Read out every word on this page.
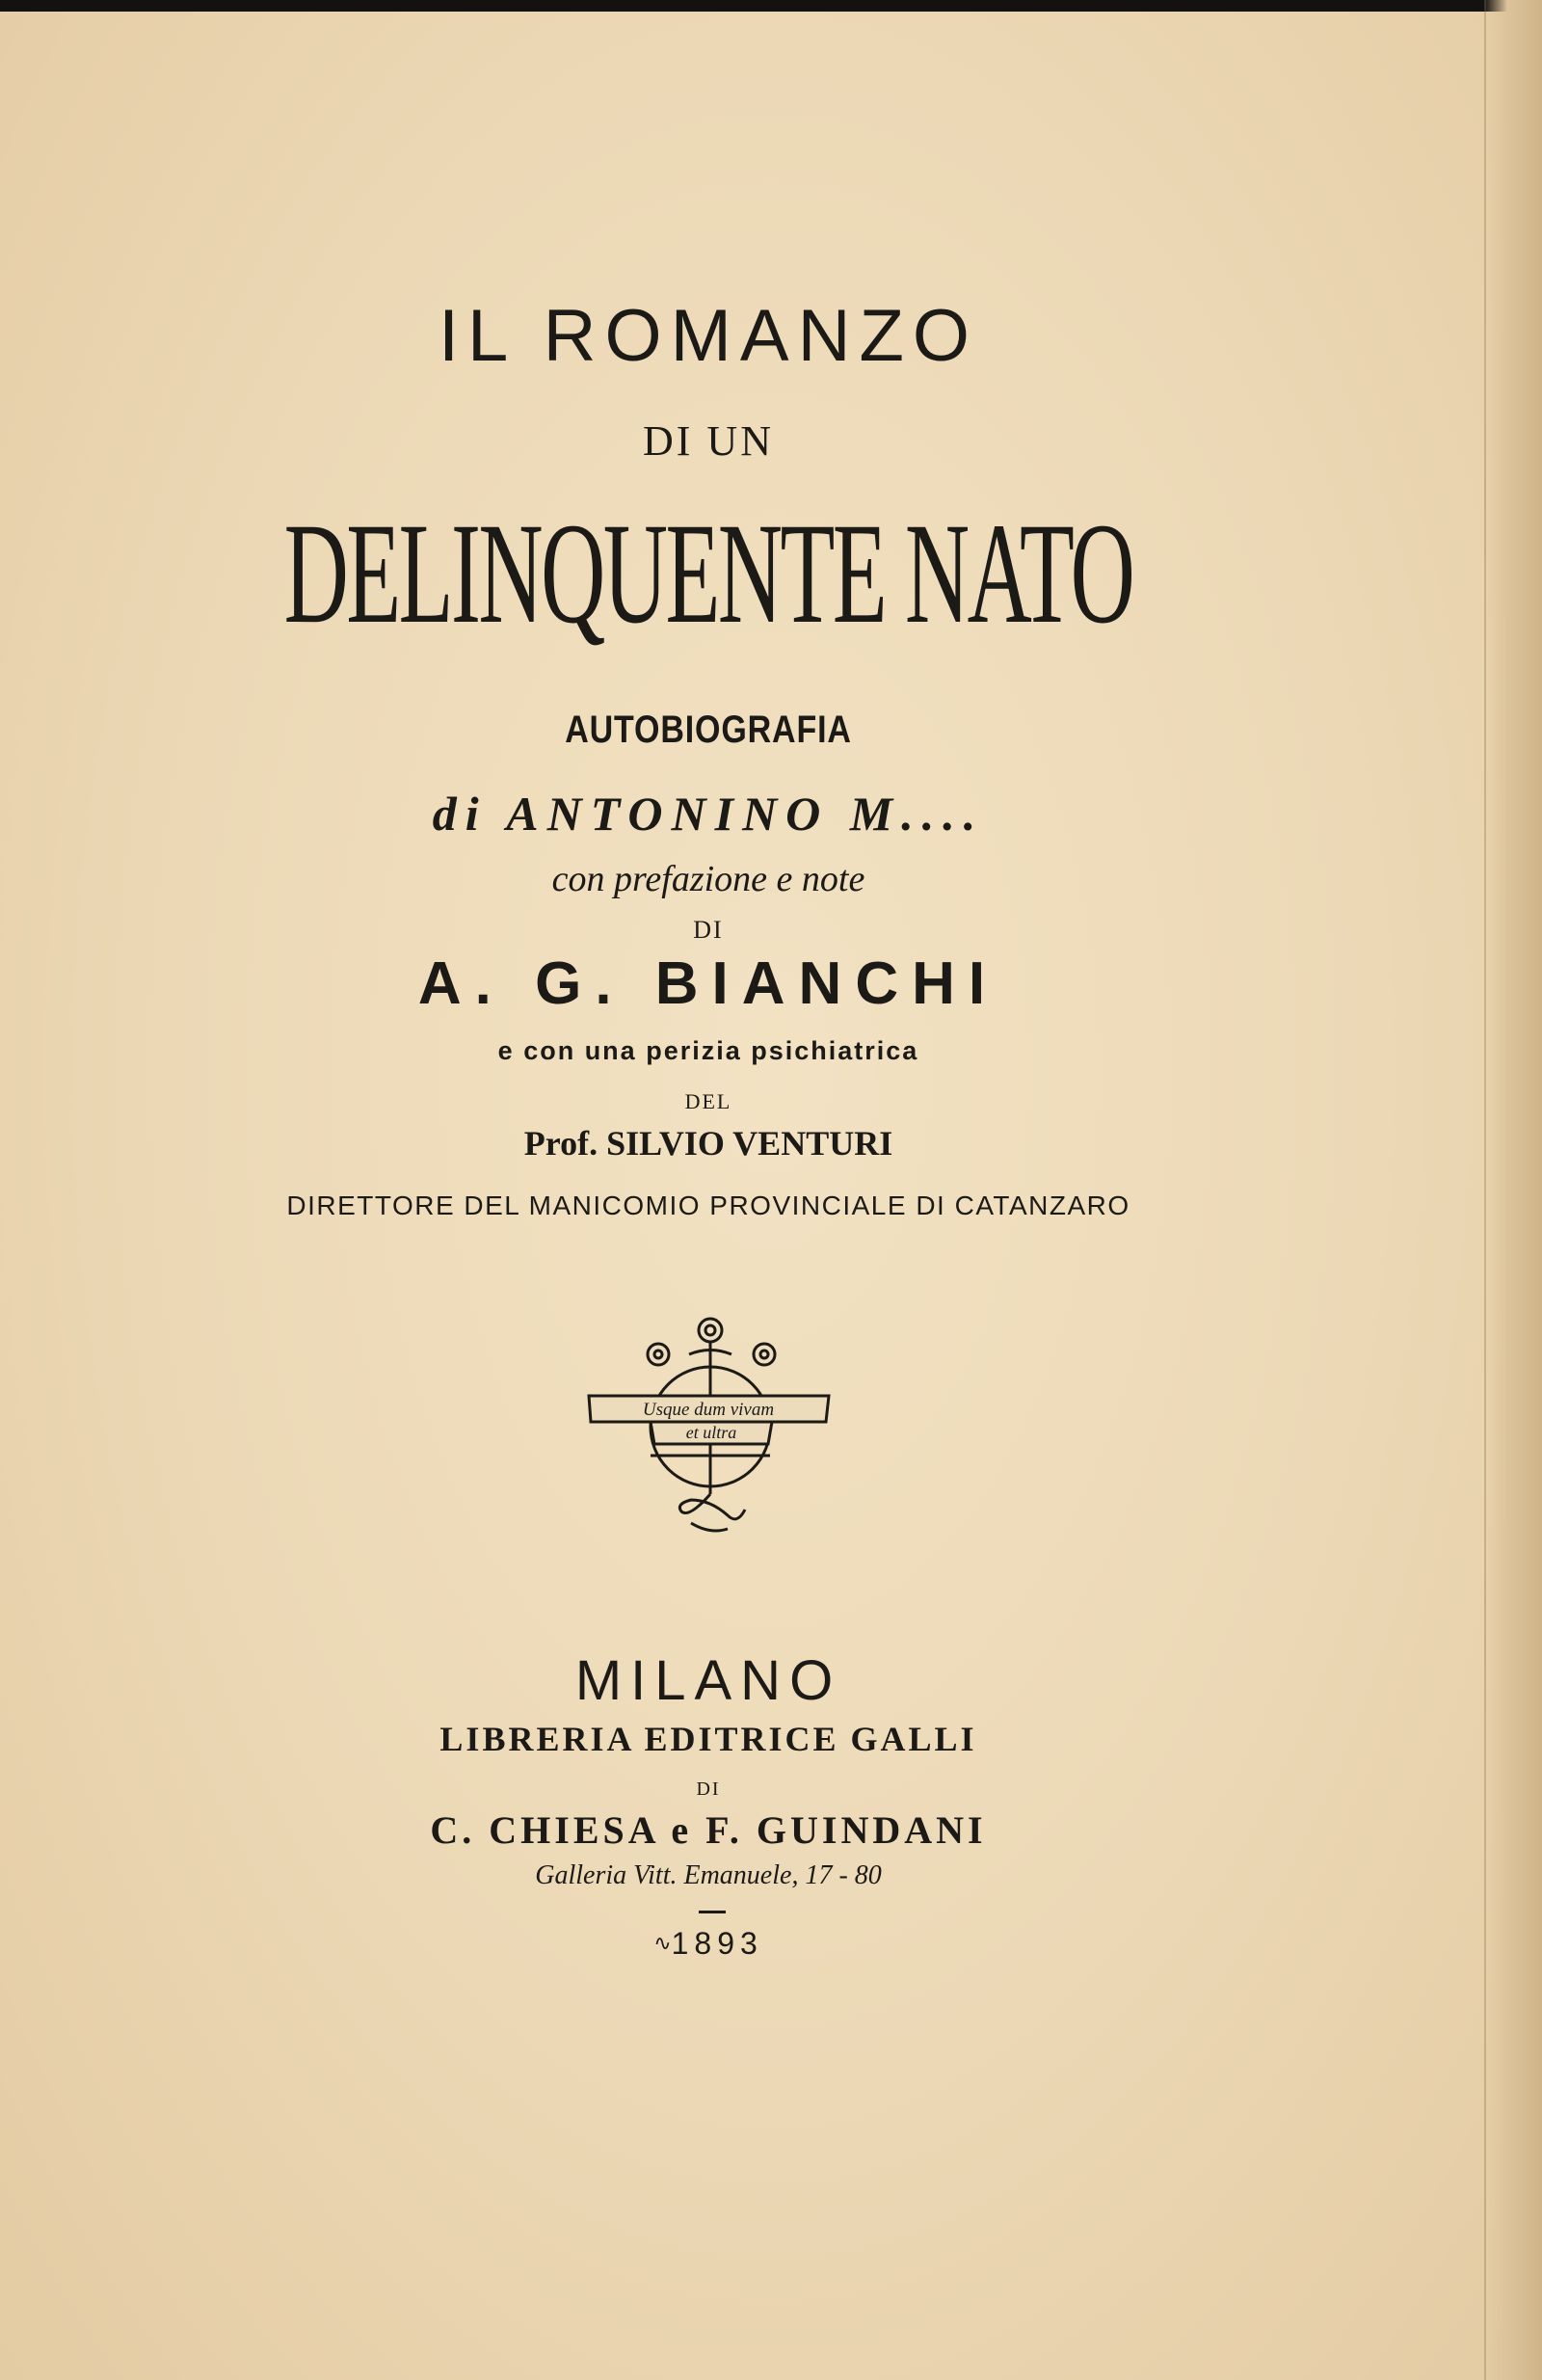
IL ROMANZO
DI UN
DELINQUENTE NATO
AUTOBIOGRAFIA
di ANTONINO M....
con prefazione e note
DI
A. G. BIANCHI
e con una perizia psichiatrica
DEL
Prof. SILVIO VENTURI
DIRETTORE DEL MANICOMIO PROVINCIALE DI CATANZARO
Usque dum vivam
et ultra
MILANO
LIBRERIA EDITRICE GALLI
DI
C. CHIESA e F. GUINDANI
Galleria Vitt. Emanuele, 17 - 80
∿1893
